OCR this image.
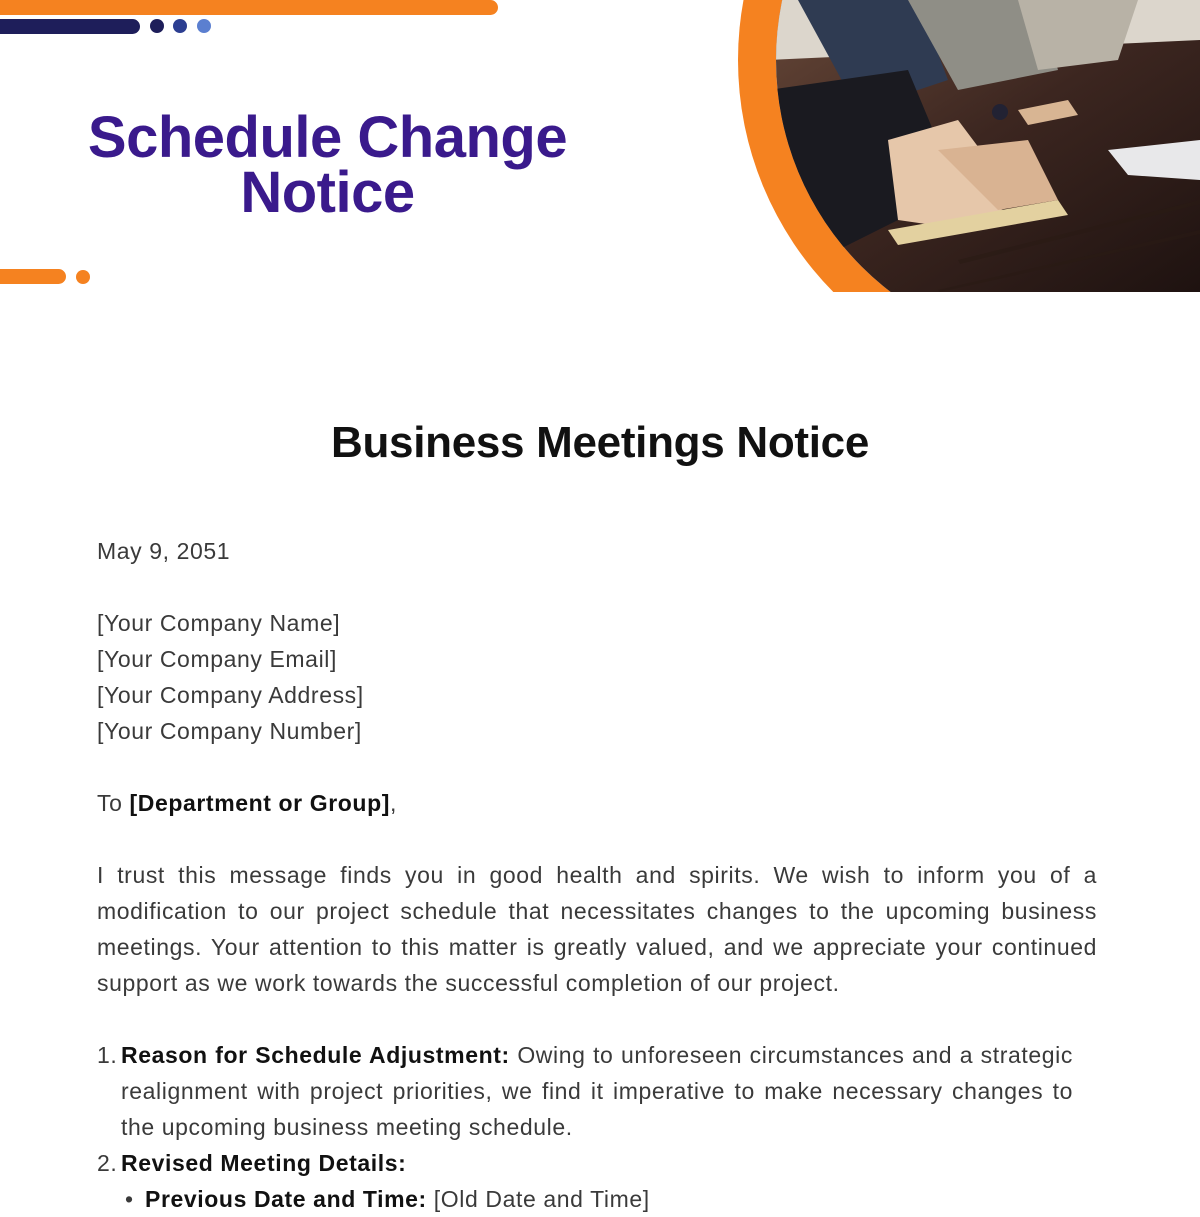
Schedule Change
Notice
Business Meetings Notice
May 9, 2051
[Your Company Name]
[Your Company Email]
[Your Company Address]
[Your Company Number]
To [Department or Group],
I trust this message finds you in good health and spirits. We wish to inform you of a modification to our project schedule that necessitates changes to the upcoming business meetings. Your attention to this matter is greatly valued, and we appreciate your continued support as we work towards the successful completion of our project.
1. Reason for Schedule Adjustment: Owing to unforeseen circumstances and a strategic realignment with project priorities, we find it imperative to make necessary changes to the upcoming business meeting schedule.
2. Revised Meeting Details:
• Previous Date and Time: [Old Date and Time]
